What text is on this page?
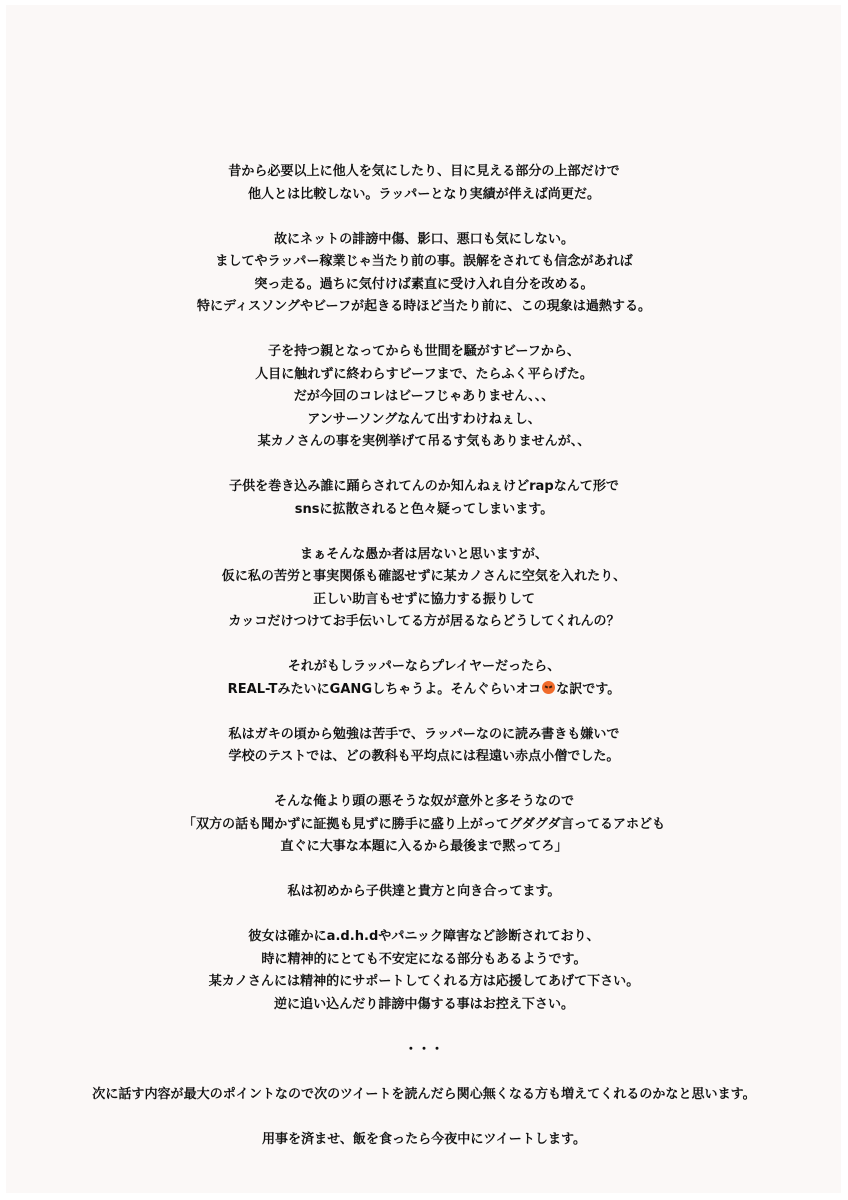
昔から必要以上に他人を気にしたり、目に見える部分の上部だけで
他人とは比較しない。ラッパーとなり実績が伴えば尚更だ。
故にネットの誹謗中傷、影口、悪口も気にしない。
ましてやラッパー稼業じゃ当たり前の事。誤解をされても信念があれば
突っ走る。過ちに気付けば素直に受け入れ自分を改める。
特にディスソングやビーフが起きる時ほど当たり前に、この現象は過熱する。
子を持つ親となってからも世間を騒がすビーフから、
人目に触れずに終わらすビーフまで、たらふく平らげた。
だが今回のコレはビーフじゃありません、、、
アンサーソングなんて出すわけねぇし、
某カノさんの事を実例挙げて吊るす気もありませんが、、
子供を巻き込み誰に踊らされてんのか知んねぇけどrapなんて形で
snsに拡散されると色々疑ってしまいます。
まぁそんな愚か者は居ないと思いますが、
仮に私の苦労と事実関係も確認せずに某カノさんに空気を入れたり、
正しい助言もせずに協力する振りして
カッコだけつけてお手伝いしてる方が居るならどうしてくれんの？
それがもしラッパーならプレイヤーだったら、
REAL-TみたいにGANGしちゃうよ。そんぐらいオコ な訳です。
私はガキの頃から勉強は苦手で、ラッパーなのに読み書きも嫌いで
学校のテストでは、どの教科も平均点には程遠い赤点小僧でした。
そんな俺より頭の悪そうな奴が意外と多そうなので
「双方の話も聞かずに証拠も見ずに勝手に盛り上がってグダグダ言ってるアホども
直ぐに大事な本題に入るから最後まで黙ってろ」
私は初めから子供達と貴方と向き合ってます。
彼女は確かにa.d.h.dやパニック障害など診断されており、
時に精神的にとても不安定になる部分もあるようです。
某カノさんには精神的にサポートしてくれる方は応援してあげて下さい。
逆に追い込んだり誹謗中傷する事はお控え下さい。
・・・
次に話す内容が最大のポイントなので次のツイートを読んだら関心無くなる方も増えてくれるのかなと思います。
用事を済ませ、飯を食ったら今夜中にツイートします。
